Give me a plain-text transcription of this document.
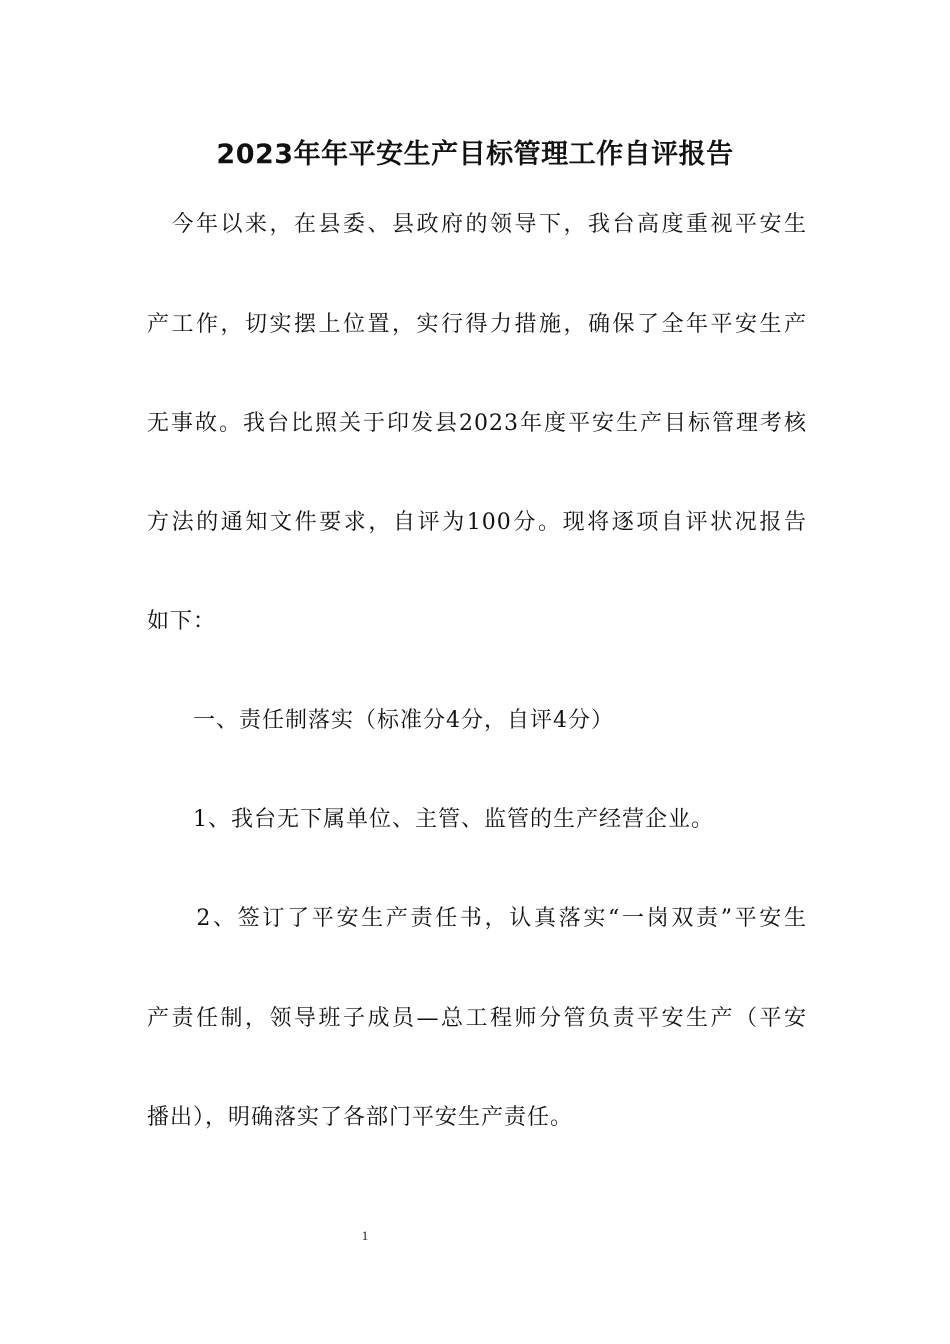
2023年年平安生产目标管理工作自评报告
　今年以来，在县委、县政府的领导下，我台高度重视平安生
产工作，切实摆上位置，实行得力措施，确保了全年平安生产
无事故。我台比照关于印发县2023年度平安生产目标管理考核
方法的通知文件要求，自评为100分。现将逐项自评状况报告
如下：
　　一、责任制落实（标准分4分，自评4分）
　　1、我台无下属单位、主管、监管的生产经营企业。
　　2、签订了平安生产责任书，认真落实“一岗双责”平安生
产责任制，领导班子成员—总工程师分管负责平安生产（平安
播出），明确落实了各部门平安生产责任。
1
